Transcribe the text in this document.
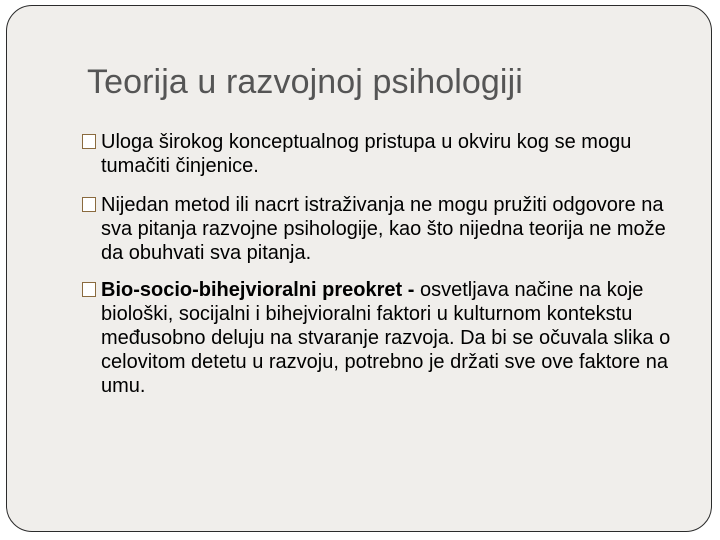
Teorija u razvojnoj psihologiji
Uloga širokog konceptualnog pristupa u okviru kog se mogu tumačiti činjenice.
Nijedan metod ili nacrt istraživanja ne mogu pružiti odgovore na sva pitanja razvojne psihologije, kao što nijedna teorija ne može da obuhvati sva pitanja.
Bio-socio-bihejvioralni preokret - osvetljava načine na koje biološki, socijalni i bihejvioralni faktori u kulturnom kontekstu međusobno deluju na stvaranje razvoja. Da bi se očuvala slika o celovitom detetu u razvoju, potrebno je držati sve ove faktore na umu.
